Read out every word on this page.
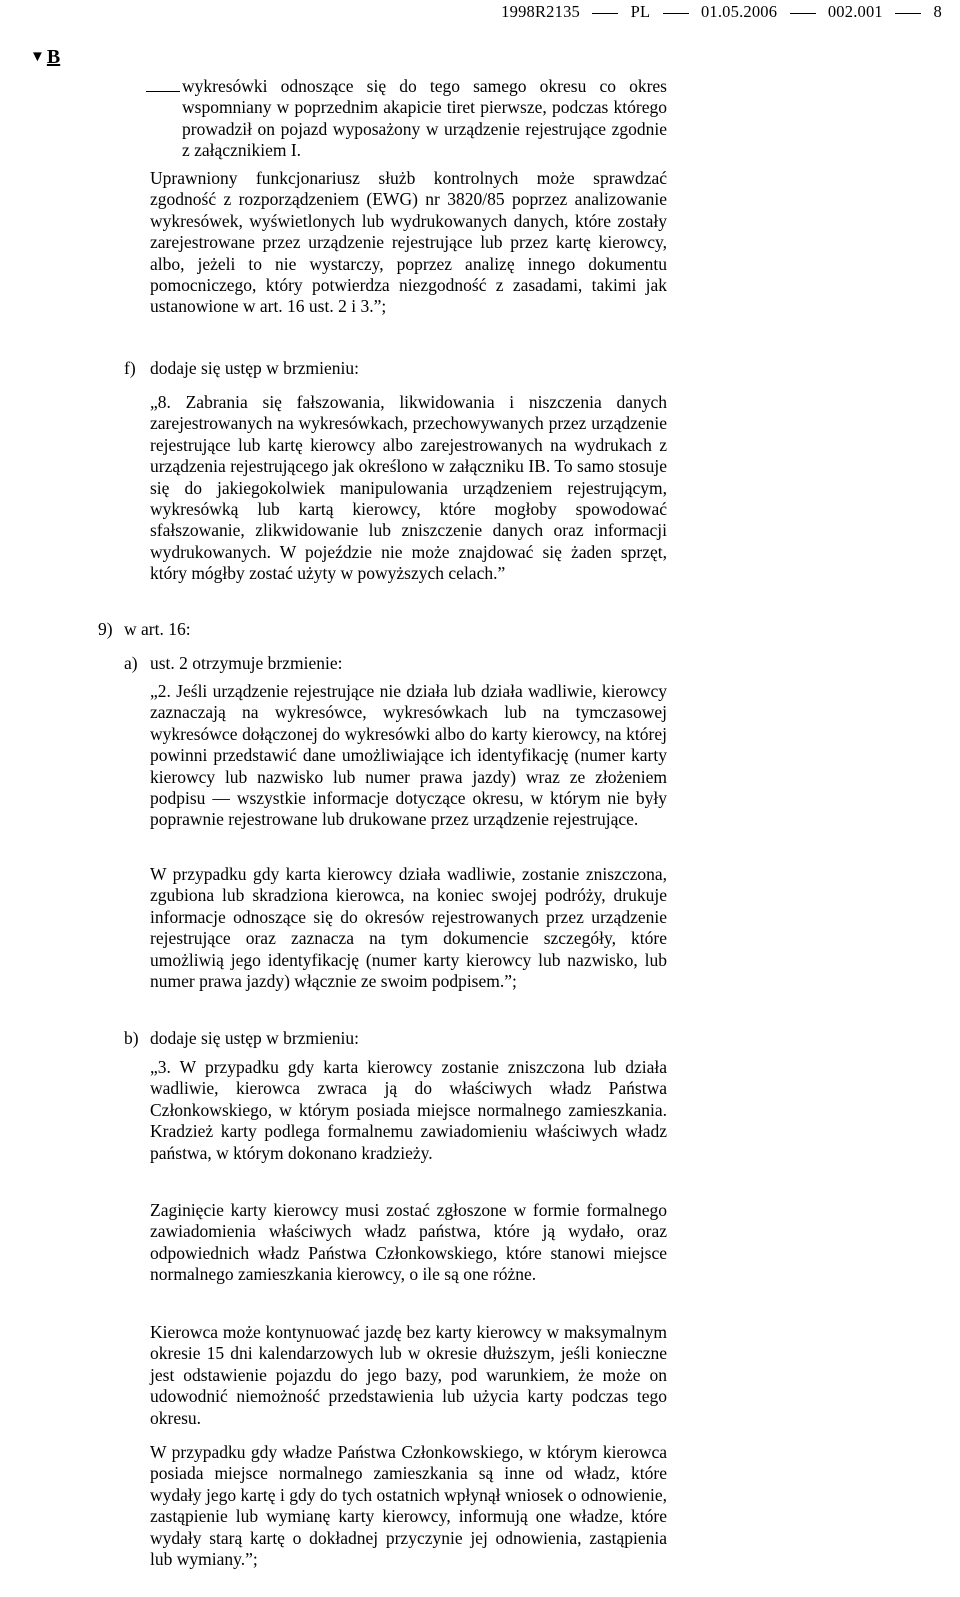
1998R2135	PL	01.05.2006	002.001	8
▼ B

wykresówki odnoszące się do tego samego okresu co okres wspomniany w poprzednim akapicie tiret pierwsze, podczas którego prowadził on pojazd wyposażony w urządzenie rejestrujące zgodnie z załącznikiem I.

Uprawniony funkcjonariusz służb kontrolnych może sprawdzać zgodność z rozporządzeniem (EWG) nr 3820/85 poprzez analizowanie wykresówek, wyświetlonych lub wydrukowanych danych, które zostały zarejestrowane przez urządzenie rejestrujące lub przez kartę kierowcy, albo, jeżeli to nie wystarczy, poprzez analizę innego dokumentu pomocniczego, który potwierdza niezgodność z zasadami, takimi jak ustanowione w art. 16 ust. 2 i 3.”;

f) dodaje się ustęp w brzmieniu:

„8. Zabrania się fałszowania, likwidowania i niszczenia danych zarejestrowanych na wykresówkach, przechowywanych przez urządzenie rejestrujące lub kartę kierowcy albo zarejestrowanych na wydrukach z urządzenia rejestrującego jak określono w załączniku IB. To samo stosuje się do jakiegokolwiek manipulowania urządzeniem rejestrującym, wykresówką lub kartą kierowcy, które mogłoby spowodować sfałszowanie, zlikwidowanie lub zniszczenie danych oraz informacji wydrukowanych. W pojeździe nie może znajdować się żaden sprzęt, który mógłby zostać użyty w powyższych celach.”

9) w art. 16:
a) ust. 2 otrzymuje brzmienie:

„2. Jeśli urządzenie rejestrujące nie działa lub działa wadliwie, kierowcy zaznaczają na wykresówce, wykresówkach lub na tymczasowej wykresówce dołączonej do wykresówki albo do karty kierowcy, na której powinni przedstawić dane umożliwiające ich identyfikację (numer karty kierowcy lub nazwisko lub numer prawa jazdy) wraz ze złożeniem podpisu — wszystkie informacje dotyczące okresu, w którym nie były poprawnie rejestrowane lub drukowane przez urządzenie rejestrujące.

W przypadku gdy karta kierowcy działa wadliwie, zostanie zniszczona, zgubiona lub skradziona kierowca, na koniec swojej podróży, drukuje informacje odnoszące się do okresów rejestrowanych przez urządzenie rejestrujące oraz zaznacza na tym dokumencie szczegóły, które umożliwią jego identyfikację (numer karty kierowcy lub nazwisko, lub numer prawa jazdy) włącznie ze swoim podpisem.”;

b) dodaje się ustęp w brzmieniu:

„3. W przypadku gdy karta kierowcy zostanie zniszczona lub działa wadliwie, kierowca zwraca ją do właściwych władz Państwa Członkowskiego, w którym posiada miejsce normalnego zamieszkania. Kradzież karty podlega formalnemu zawiadomieniu właściwych władz państwa, w którym dokonano kradzieży.

Zaginięcie karty kierowcy musi zostać zgłoszone w formie formalnego zawiadomienia właściwych władz państwa, które ją wydało, oraz odpowiednich władz Państwa Członkowskiego, które stanowi miejsce normalnego zamieszkania kierowcy, o ile są one różne.

Kierowca może kontynuować jazdę bez karty kierowcy w maksymalnym okresie 15 dni kalendarzowych lub w okresie dłuższym, jeśli konieczne jest odstawienie pojazdu do jego bazy, pod warunkiem, że może on udowodnić niemożność przedstawienia lub użycia karty podczas tego okresu.

W przypadku gdy władze Państwa Członkowskiego, w którym kierowca posiada miejsce normalnego zamieszkania są inne od władz, które wydały jego kartę i gdy do tych ostatnich wpłynął wniosek o odnowienie, zastąpienie lub wymianę karty kierowcy, informują one władze, które wydały starą kartę o dokładnej przyczynie jej odnowienia, zastąpienia lub wymiany.”;
